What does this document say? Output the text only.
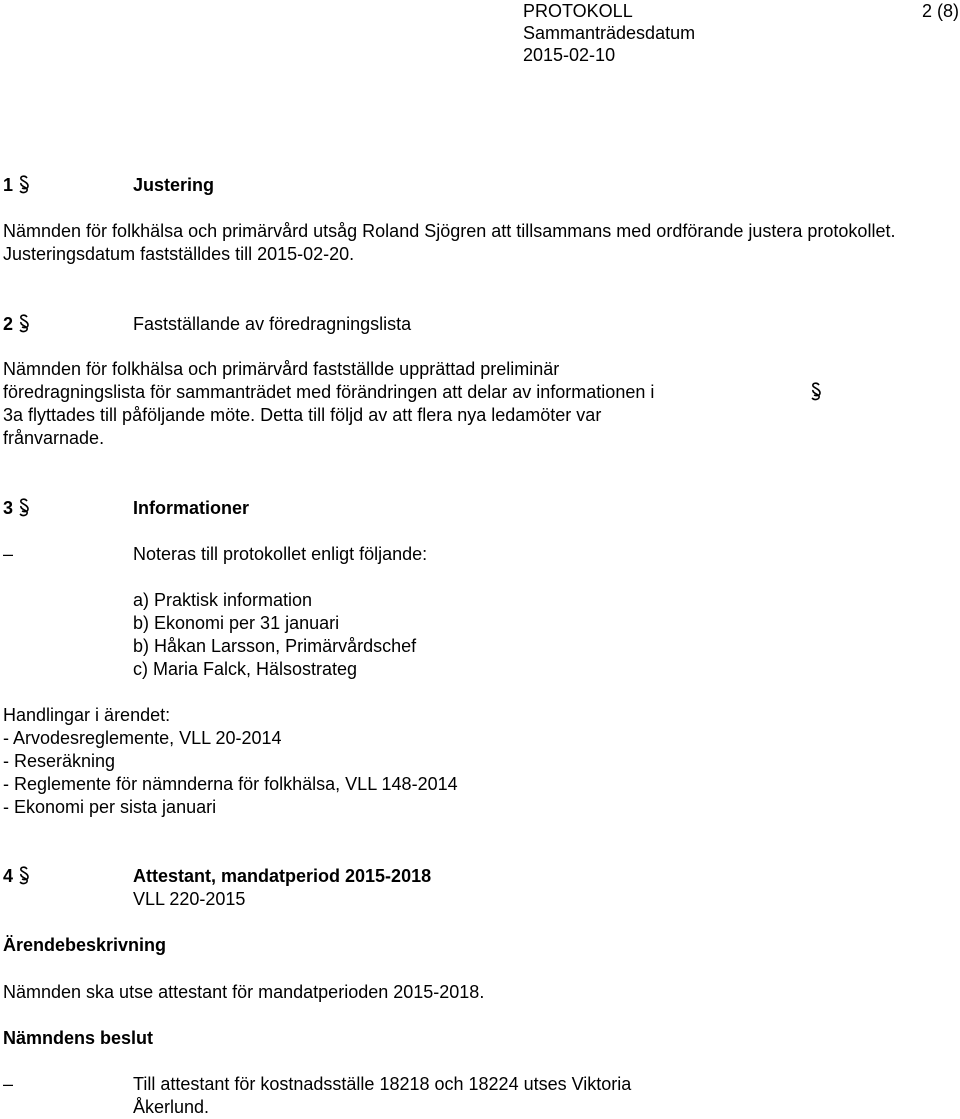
PROTOKOLL
Sammanträdesdatum
2015-02-10
2 (8)
1	Justering
Nämnden för folkhälsa och primärvård utsåg Roland Sjögren att tillsammans med ordförande justera protokollet. Justeringsdatum fastställdes till 2015-02-20.
2	Fastställande av föredragningslista
Nämnden för folkhälsa och primärvård fastställde upprättad preliminär
föredragningslista för sammanträdet med förändringen att delar av informationen i
3a flyttades till påföljande möte. Detta till följd av att flera nya ledamöter var
frånvarnade.
3	Informationer
–	Noteras till protokollet enligt följande:
a) Praktisk information
b) Ekonomi per 31 januari
b) Håkan Larsson, Primärvårdschef
c) Maria Falck, Hälsostrateg
Handlingar i ärendet:
- Arvodesreglemente, VLL 20-2014
- Reseräkning
- Reglemente för nämnderna för folkhälsa, VLL 148-2014
- Ekonomi per sista januari
4	Attestant, mandatperiod 2015-2018
VLL 220-2015
Ärendebeskrivning
Nämnden ska utse attestant för mandatperioden 2015-2018.
Nämndens beslut
–	Till attestant för kostnadsställe 18218 och 18224 utses Viktoria
Åkerlund.
